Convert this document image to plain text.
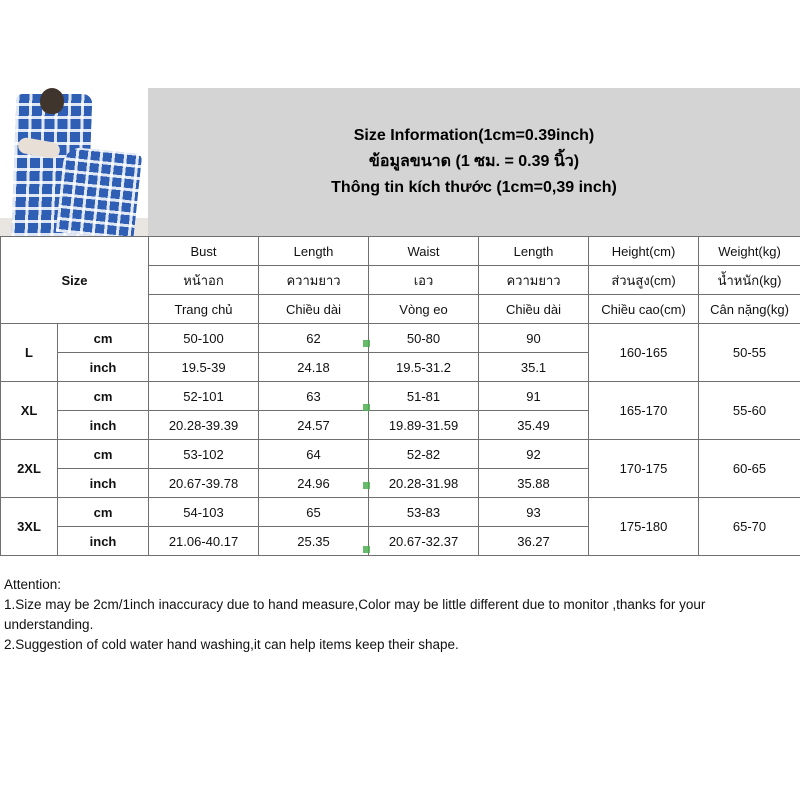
Size Information(1cm=0.39inch)
ข้อมูลขนาด (1 ซม. = 0.39 นิ้ว)
Thông tin kích thước (1cm=0,39 inch)
Size		Bust	Length	Waist	Length	Height(cm)	Weight(kg)
		หน้าอก	ความยาว	เอว	ความยาว	ส่วนสูง(cm)	น้ำหนัก(kg)
		Trang chủ	Chiều dài	Vòng eo	Chiều dài	Chiều cao(cm)	Cân nặng(kg)
L	cm	50-100	62	50-80	90	160-165	50-55
	inch	19.5-39	24.18	19.5-31.2	35.1		
XL	cm	52-101	63	51-81	91	165-170	55-60
	inch	20.28-39.39	24.57	19.89-31.59	35.49		
2XL	cm	53-102	64	52-82	92	170-175	60-65
	inch	20.67-39.78	24.96	20.28-31.98	35.88		
3XL	cm	54-103	65	53-83	93	175-180	65-70
	inch	21.06-40.17	25.35	20.67-32.37	36.27		
Attention:
1.Size may be 2cm/1inch inaccuracy due to hand measure,Color may be little different due to monitor ,thanks for your understanding.
2.Suggestion of cold water hand washing,it can help items keep their shape.
